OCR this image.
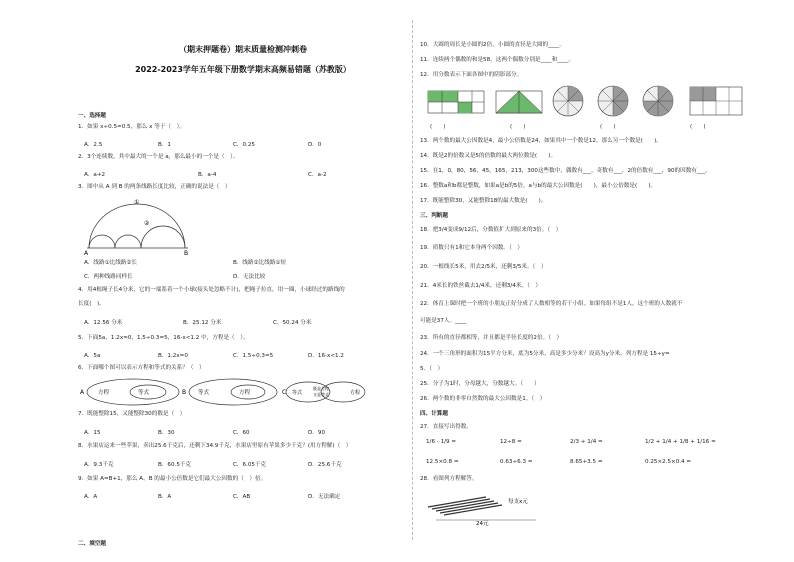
（期末押题卷）期末质量检测冲刺卷
2022-2023学年五年级下册数学期末高频易错题（苏教版）
一、选择题
1．如果 x÷0.5=0.5，那么 x 等于（　）。
A．2.5	B．1	C．0.25	D．0
2．3个连续数，其中最大的一个是 a，那么最小的一个是（　）。
A．a+2	B．a-4	C．a-2
3．图中从 A 到 B 的两条线路长度比较，正确的说法是（　）
①
②
A	B
A．线路①比线路②长	B．线路②比线路①短
C．两种线路同样长	D．无法比较
4．用4根绳子长4分米，它的一端系着一个小球(接头处忽略不计)，把绳子拉直，用一圈，小球经过的路线的
长度(　)。
A．12.56 分米	B．25.12 分米	C．50.24 分米
5．下面5a，1.2x=0，1.5÷0.3=5，16-x<1.2 中，方程是（　）。
A．5a	B．1.2x=0	C．1.5÷0.3=5	D．16-x<1.2
6．下面哪个图可以表示方程和等式的关系？（　）
A	方程	等式	B 等式	方程	C 等式
既是方程
又是等式	方程
7．既能整除15，又能整除30的数是（　）
A．15	B．30	C．60	D．90
8．水果店运来一些苹果，卖出25.6千克后，还剩下34.9千克，水果店里原有苹果多少千克？(用方程解)（　）
A．9.3千克	B．60.5千克	C．6.05千克	D．25.6千克
9．如果 A=B+1，那么 A、B 的最小公倍数是它们最大公因数的（　）倍。
A．A	B．A	C．AB	D．无法确定
二、填空题
10．大圆的周长是小圆的2倍，小圆的直径是大圆的____。
11．连续两个偶数的和是58，这两个偶数分别是____和____。
12．用分数表示下面各图中的阴影部分。
(　　)	(　　)	(　　)	(　　)
13．两个数的最大公因数是4，最小公倍数是24，如果其中一个数是12，那么另一个数是(　　)。
14．既是2的倍数又是5的倍数的最大两位数是(　　)。
15．在1，0，80，56，45，165，213，300这些数中，偶数有___，奇数有___，2的倍数有___，90的因数有___。
16．整数a和b都是整数，如果a是b的5倍，a与b的最大公因数是(　　)，最小公倍数是(　　)。
17．既能整除30，又能整除18的最大数是(　　)。
三、判断题
18．把3/4变成9/12后，分数值扩大到原来的3倍。（　）
19．质数只有1和它本身两个因数。（　）
20．一根线长5米，用去2/5米，还剩3/5米。（　）
21．4米长的铁丝截去1/4米，还剩3/4米。（　）
22．体育上课时把一个班的小朋友正好分成了人数相等的若干小组。如果每组不是1人，这个班的人数就不
可能是37人。____
23．所有的直径都相等，并且都是半径长度的2倍。（　）
24．一个三角形的面积为15平方分米，底为5分米，高是多少分米？设高为y分米，列方程是 15÷y=
5．（　）
25．分子为1时，分母越大，分数越大。（　　）
26．两个数的非零自然数的最大公因数是1。（　）
四、计算题
27．直接写出得数。
1/6 - 1/9 =	12÷8 =	2/3 + 1/4 =	1/2 + 1/4 + 1/8 + 1/16 =
12.5×0.8 =	0.63÷6.3 =	8.65+3.5 =	0.25×2.5×0.4 =
28．看图列方程解答。
每支x元
24元
